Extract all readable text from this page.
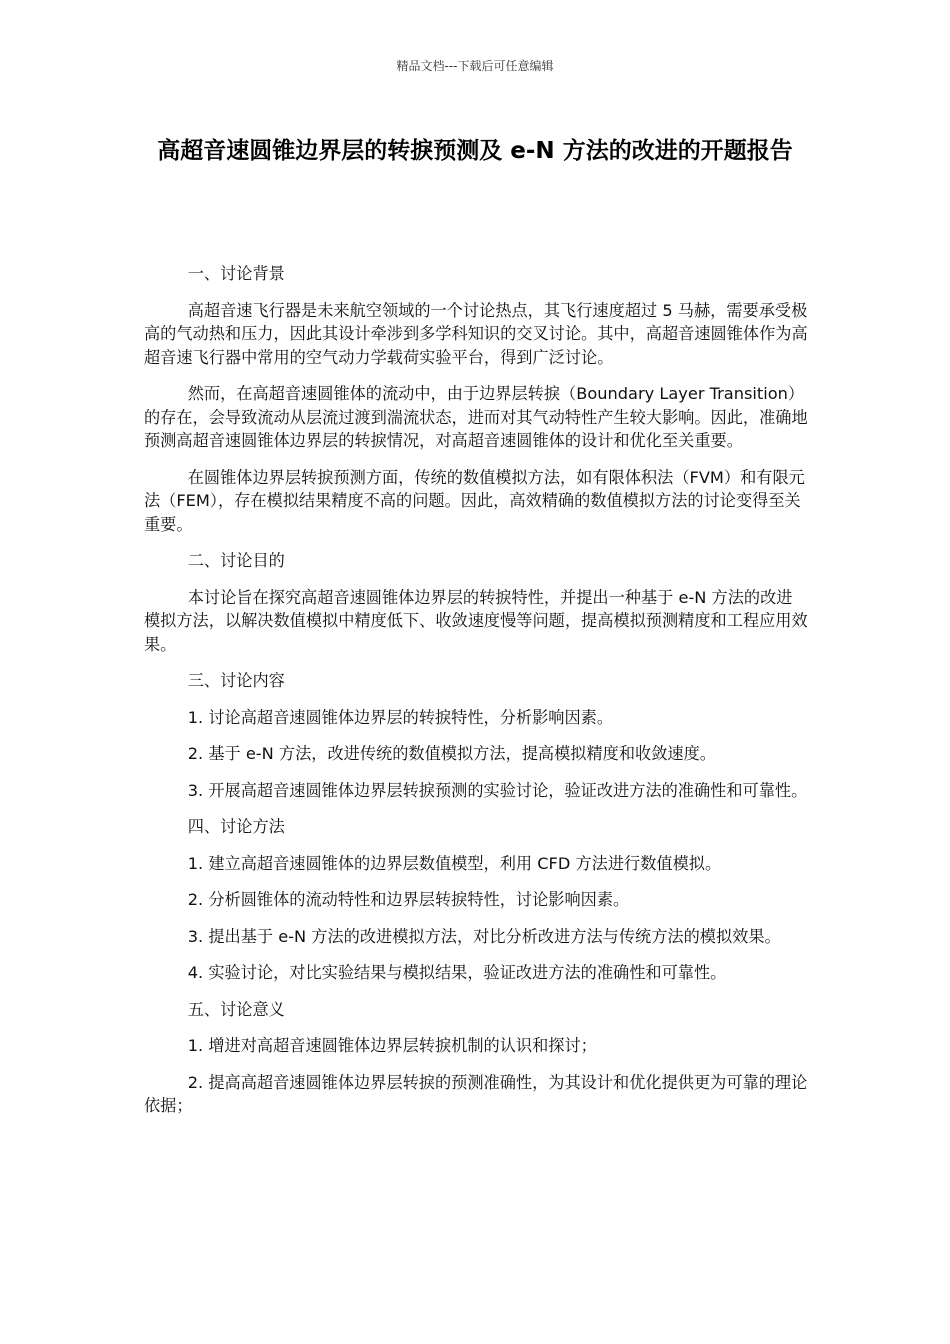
精品文档---下载后可任意编辑
高超音速圆锥边界层的转捩预测及 e-N 方法的改进的开题报告
一、讨论背景

高超音速飞行器是未来航空领域的一个讨论热点，其飞行速度超过 5 马赫，需要承受极高的气动热和压力，因此其设计牵涉到多学科知识的交叉讨论。其中，高超音速圆锥体作为高超音速飞行器中常用的空气动力学载荷实验平台，得到广泛讨论。

然而，在高超音速圆锥体的流动中，由于边界层转捩（Boundary Layer Transition）的存在，会导致流动从层流过渡到湍流状态，进而对其气动特性产生较大影响。因此，准确地预测高超音速圆锥体边界层的转捩情况，对高超音速圆锥体的设计和优化至关重要。

在圆锥体边界层转捩预测方面，传统的数值模拟方法，如有限体积法（FVM）和有限元法（FEM），存在模拟结果精度不高的问题。因此，高效精确的数值模拟方法的讨论变得至关重要。

二、讨论目的

本讨论旨在探究高超音速圆锥体边界层的转捩特性，并提出一种基于 e-N 方法的改进模拟方法，以解决数值模拟中精度低下、收敛速度慢等问题，提高模拟预测精度和工程应用效果。

三、讨论内容

1. 讨论高超音速圆锥体边界层的转捩特性，分析影响因素。

2. 基于 e-N 方法，改进传统的数值模拟方法，提高模拟精度和收敛速度。

3. 开展高超音速圆锥体边界层转捩预测的实验讨论，验证改进方法的准确性和可靠性。

四、讨论方法

1. 建立高超音速圆锥体的边界层数值模型，利用 CFD 方法进行数值模拟。

2. 分析圆锥体的流动特性和边界层转捩特性，讨论影响因素。

3. 提出基于 e-N 方法的改进模拟方法，对比分析改进方法与传统方法的模拟效果。

4. 实验讨论，对比实验结果与模拟结果，验证改进方法的准确性和可靠性。

五、讨论意义

1. 增进对高超音速圆锥体边界层转捩机制的认识和探讨；

2. 提高高超音速圆锥体边界层转捩的预测准确性，为其设计和优化提供更为可靠的理论依据；
